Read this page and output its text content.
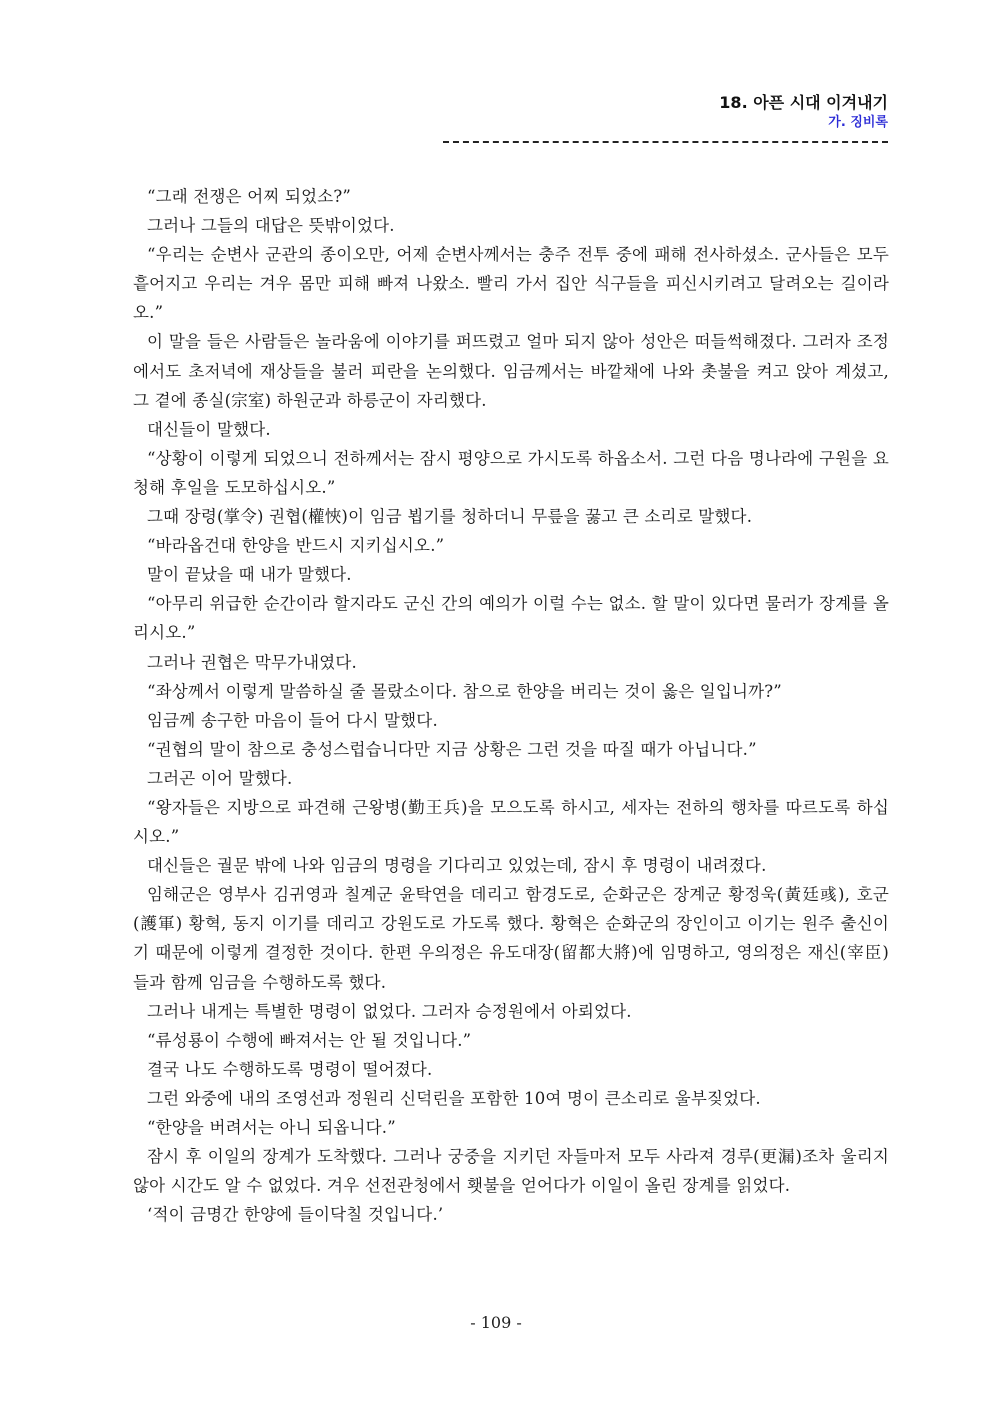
18. 아픈 시대 이겨내기
가. 징비록

“그래 전쟁은 어찌 되었소?”

그러나 그들의 대답은 뜻밖이었다.

“우리는 순변사 군관의 종이오만, 어제 순변사께서는 충주 전투 중에 패해 전사하셨소. 군사들은 모두 흩어지고 우리는 겨우 몸만 피해 빠져 나왔소. 빨리 가서 집안 식구들을 피신시키려고 달려오는 길이라오.”

이 말을 들은 사람들은 놀라움에 이야기를 퍼뜨렸고 얼마 되지 않아 성안은 떠들썩해졌다. 그러자 조정에서도 초저녁에 재상들을 불러 피란을 논의했다. 임금께서는 바깥채에 나와 촛불을 켜고 앉아 계셨고, 그 곁에 종실(宗室) 하원군과 하릉군이 자리했다.

대신들이 말했다.

“상황이 이렇게 되었으니 전하께서는 잠시 평양으로 가시도록 하옵소서. 그런 다음 명나라에 구원을 요청해 후일을 도모하십시오.”

그때 장령(掌令) 권협(權悏)이 임금 뵙기를 청하더니 무릎을 꿇고 큰 소리로 말했다.

“바라옵건대 한양을 반드시 지키십시오.”

말이 끝났을 때 내가 말했다.

“아무리 위급한 순간이라 할지라도 군신 간의 예의가 이럴 수는 없소. 할 말이 있다면 물러가 장계를 올리시오.”

그러나 권협은 막무가내였다.

“좌상께서 이렇게 말씀하실 줄 몰랐소이다. 참으로 한양을 버리는 것이 옳은 일입니까?”

임금께 송구한 마음이 들어 다시 말했다.

“권협의 말이 참으로 충성스럽습니다만 지금 상황은 그런 것을 따질 때가 아닙니다.”

그러곤 이어 말했다.

“왕자들은 지방으로 파견해 근왕병(勤王兵)을 모으도록 하시고, 세자는 전하의 행차를 따르도록 하십시오.”

대신들은 궐문 밖에 나와 임금의 명령을 기다리고 있었는데, 잠시 후 명령이 내려졌다.

임해군은 영부사 김귀영과 칠계군 윤탁연을 데리고 함경도로, 순화군은 장계군 황정욱(黃廷彧), 호군(護軍) 황혁, 동지 이기를 데리고 강원도로 가도록 했다. 황혁은 순화군의 장인이고 이기는 원주 출신이기 때문에 이렇게 결정한 것이다. 한편 우의정은 유도대장(留都大將)에 임명하고, 영의정은 재신(宰臣)들과 함께 임금을 수행하도록 했다.

그러나 내게는 특별한 명령이 없었다. 그러자 승정원에서 아뢰었다.

“류성룡이 수행에 빠져서는 안 될 것입니다.”

결국 나도 수행하도록 명령이 떨어졌다.

그런 와중에 내의 조영선과 정원리 신덕린을 포함한 10여 명이 큰소리로 울부짖었다.

“한양을 버려서는 아니 되옵니다.”

잠시 후 이일의 장계가 도착했다. 그러나 궁중을 지키던 자들마저 모두 사라져 경루(更漏)조차 울리지 않아 시간도 알 수 없었다. 겨우 선전관청에서 횃불을 얻어다가 이일이 올린 장계를 읽었다.

‘적이 금명간 한양에 들이닥칠 것입니다.’

- 109 -
